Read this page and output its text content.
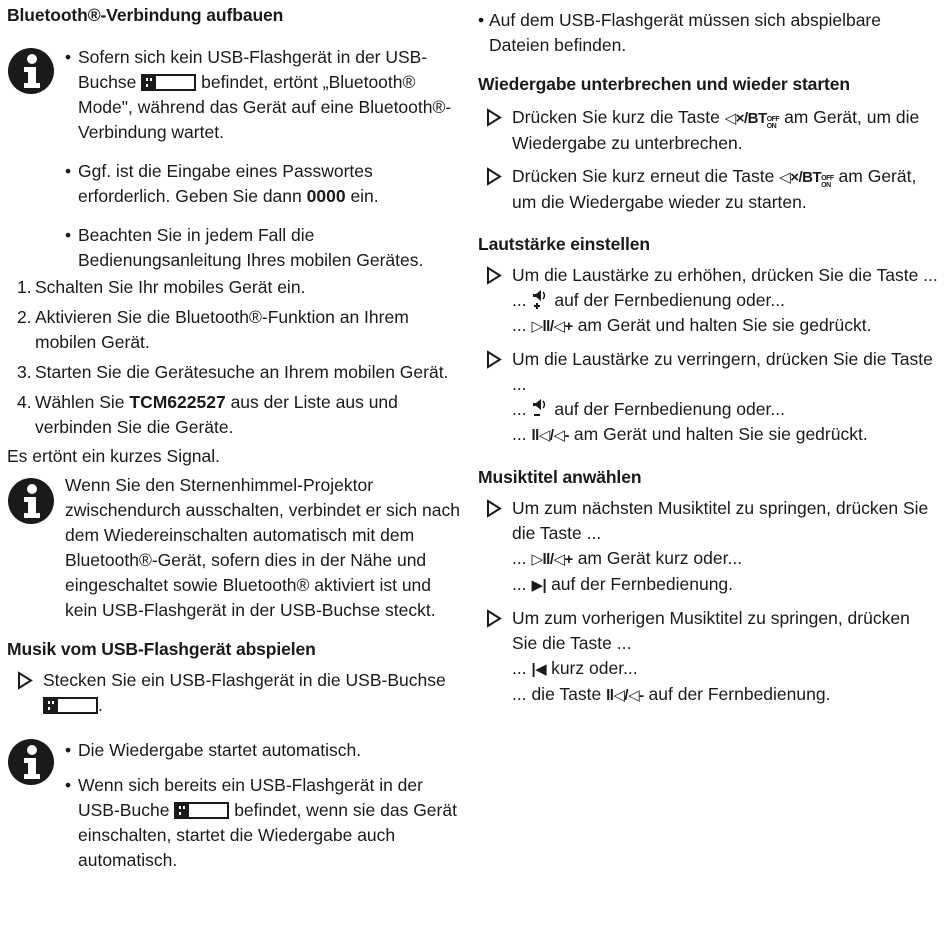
Bluetooth®-Verbindung aufbauen

• Sofern sich kein USB-Flashgerät in der USB-Buchse	befindet, ertönt „Bluetooth® Mode", während das Gerät auf eine Bluetooth®-Verbindung wartet.

• Ggf. ist die Eingabe eines Passwortes erforderlich. Geben Sie dann 0000 ein.

• Beachten Sie in jedem Fall die Bedienungsanleitung Ihres mobilen Gerätes.

1. Schalten Sie Ihr mobiles Gerät ein.

2. Aktivieren Sie die Bluetooth®-Funktion an Ihrem mobilen Gerät.

3. Starten Sie die Gerätesuche an Ihrem mobilen Gerät.

4. Wählen Sie TCM622527 aus der Liste aus und verbinden Sie die Geräte.

Es ertönt ein kurzes Signal.

Wenn Sie den Sternenhimmel-Projektor zwischendurch ausschalten, verbindet er sich nach dem Wiedereinschalten automatisch mit dem Bluetooth®-Gerät, sofern dies in der Nähe und eingeschaltet sowie Bluetooth® aktiviert ist und kein USB-Flashgerät in der USB-Buchse steckt.

Musik vom USB-Flashgerät abspielen

Stecken Sie ein USB-Flashgerät in die USB-Buchse
.

• Die Wiedergabe startet automatisch.

• Wenn sich bereits ein USB-Flashgerät in der USB-Buche	befindet, wenn sie das Gerät einschalten, startet die Wiedergabe auch automatisch.

• Auf dem USB-Flashgerät müssen sich abspielbare Dateien befinden.

Wiedergabe unterbrechen und wieder starten

Drücken Sie kurz die Taste ◁×/BT OFF
ON am Gerät, um die Wiedergabe zu unterbrechen.

Drücken Sie kurz erneut die Taste ◁×/BT OFF
ON am Gerät, um die Wiedergabe wieder zu starten.

Lautstärke einstellen

Um die Laustärke zu erhöhen, drücken Sie die Taste ...

... auf der Fernbedienung oder...

... ▷ll/◁+ am Gerät und halten Sie sie gedrückt.

Um die Laustärke zu verringern, drücken Sie die Taste ...

... auf der Fernbedienung oder...

... ll◁/◁- am Gerät und halten Sie sie gedrückt.

Musiktitel anwählen

Um zum nächsten Musiktitel zu springen, drücken Sie die Taste ...

... ▷ll/◁+ am Gerät kurz oder...

... ▶| auf der Fernbedienung.

Um zum vorherigen Musiktitel zu springen, drücken Sie die Taste ...

... |◀ kurz oder...

... die Taste ll◁/◁- auf der Fernbedienung.
